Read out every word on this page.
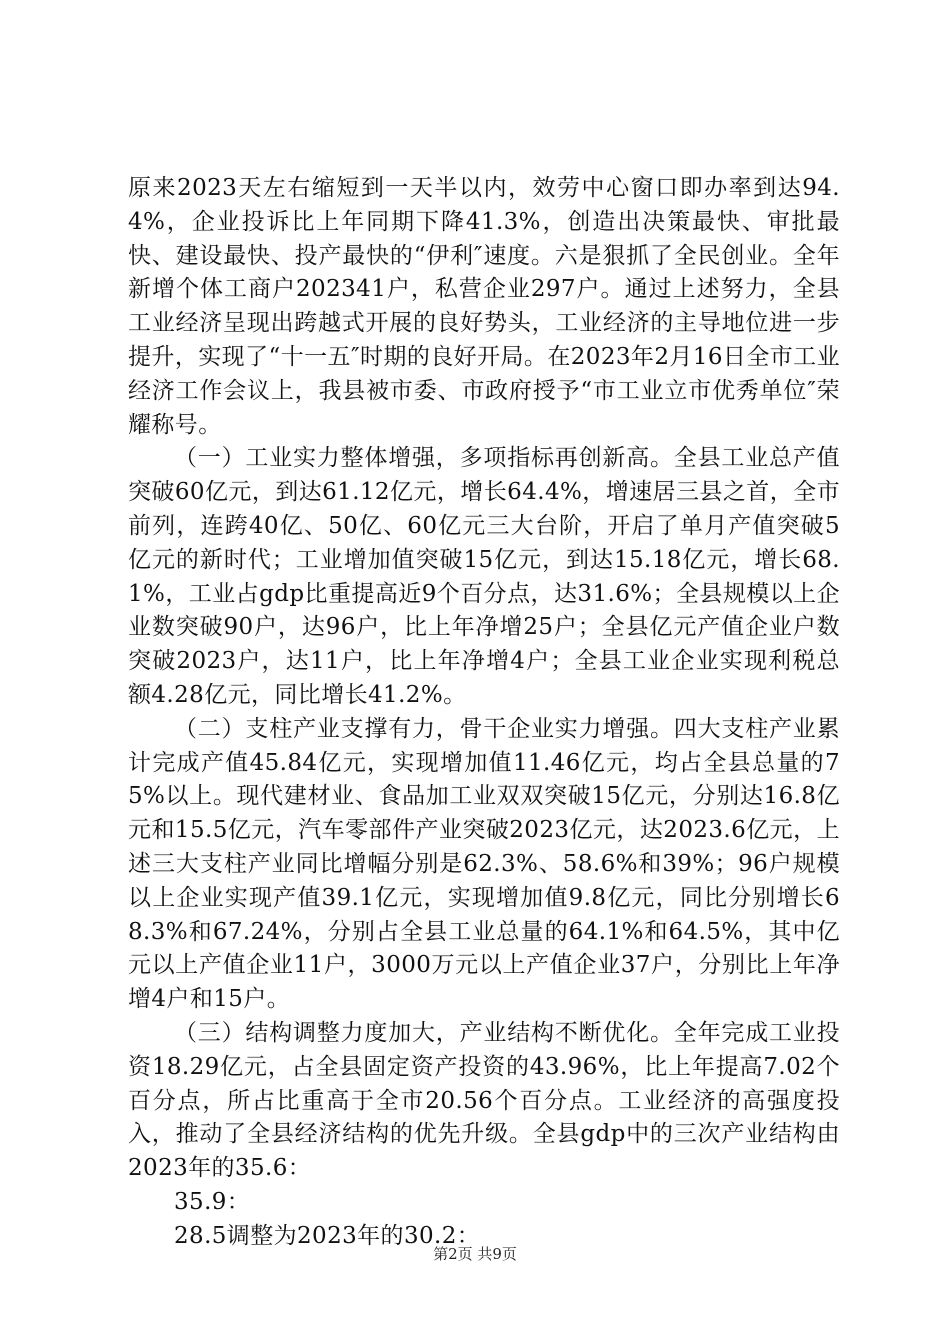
原来2023天左右缩短到一天半以内，效劳中心窗口即办率到达94.4%，企业投诉比上年同期下降41.3%，创造出决策最快、审批最快、建设最快、投产最快的“伊利″速度。六是狠抓了全民创业。全年新增个体工商户202341户，私营企业297户。通过上述努力，全县工业经济呈现出跨越式开展的良好势头，工业经济的主导地位进一步提升，实现了“十一五″时期的良好开局。在2023年2月16日全市工业经济工作会议上，我县被市委、市政府授予“市工业立市优秀单位″荣耀称号。

（一）工业实力整体增强，多项指标再创新高。全县工业总产值突破60亿元，到达61.12亿元，增长64.4%，增速居三县之首，全市前列，连跨40亿、50亿、60亿元三大台阶，开启了单月产值突破5亿元的新时代；工业增加值突破15亿元，到达15.18亿元，增长68.1%，工业占gdp比重提高近9个百分点，达31.6%；全县规模以上企业数突破90户，达96户，比上年净增25户；全县亿元产值企业户数突破2023户，达11户，比上年净增4户；全县工业企业实现利税总额4.28亿元，同比增长41.2%。

（二）支柱产业支撑有力，骨干企业实力增强。四大支柱产业累计完成产值45.84亿元，实现增加值11.46亿元，均占全县总量的75%以上。现代建材业、食品加工业双双突破15亿元，分别达16.8亿元和15.5亿元，汽车零部件产业突破2023亿元，达2023.6亿元，上述三大支柱产业同比增幅分别是62.3%、58.6%和39%；96户规模以上企业实现产值39.1亿元，实现增加值9.8亿元，同比分别增长68.3%和67.24%，分别占全县工业总量的64.1%和64.5%，其中亿元以上产值企业11户，3000万元以上产值企业37户，分别比上年净增4户和15户。

（三）结构调整力度加大，产业结构不断优化。全年完成工业投资18.29亿元，占全县固定资产投资的43.96%，比上年提高7.02个百分点，所占比重高于全市20.56个百分点。工业经济的高强度投入，推动了全县经济结构的优先升级。全县gdp中的三次产业结构由2023年的35.6：

35.9：

28.5调整为2023年的30.2：

第2页 共9页
